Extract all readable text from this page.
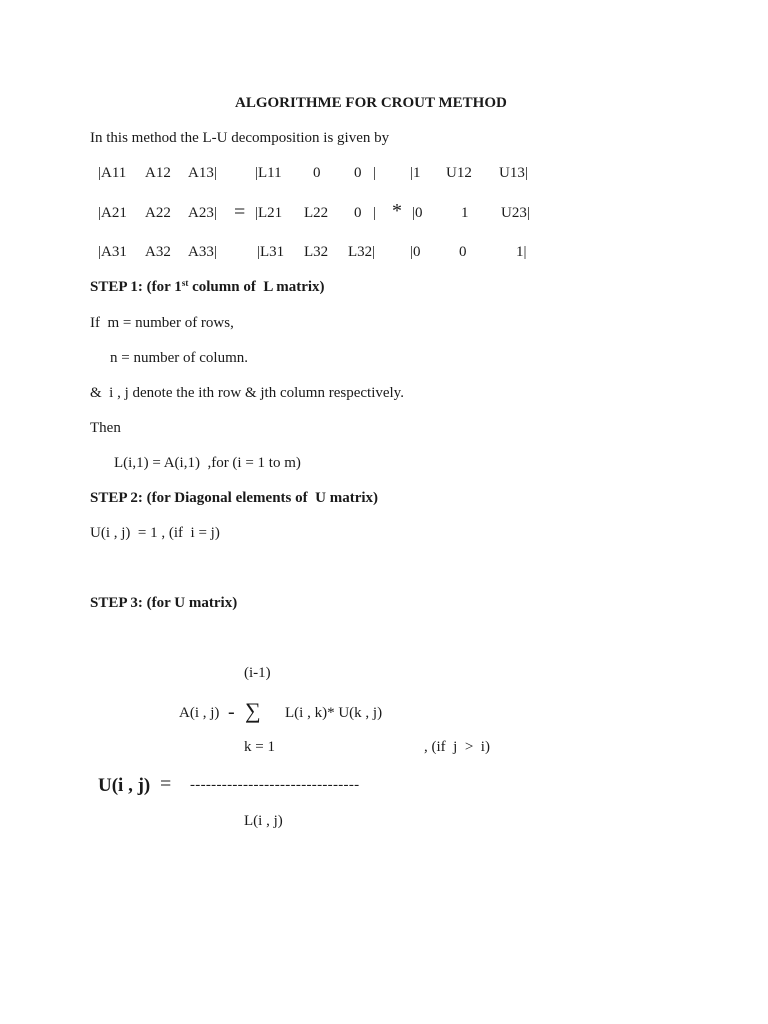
ALGORITHME FOR CROUT METHOD
In this method the L-U decomposition is given by
|A11 A12 A13|
|A21 A22 A23|
|A31 A32 A33|
=
|L11 0 0 |
|L21 L22 0 |
|L31 L32 L32|
*
|1 U12 U13|
|0	1 U23|
|0	0	1|
STEP 1: (for 1st column of  L matrix)
If  m = number of rows,
n = number of column.
&  i , j denote the ith row & jth column respectively.
Then
L(i,1) = A(i,1)  ,for (i = 1 to m)
STEP 2: (for Diagonal elements of  U matrix)
U(i , j)  = 1 , (if  i = j)
STEP 3: (for U matrix)
(i-1)
A(i , j) - ∑ L(i , k)* U(k , j)
k = 1	, (if  j  >  i)
U(i , j) = --------------------------------
L(i , j)
